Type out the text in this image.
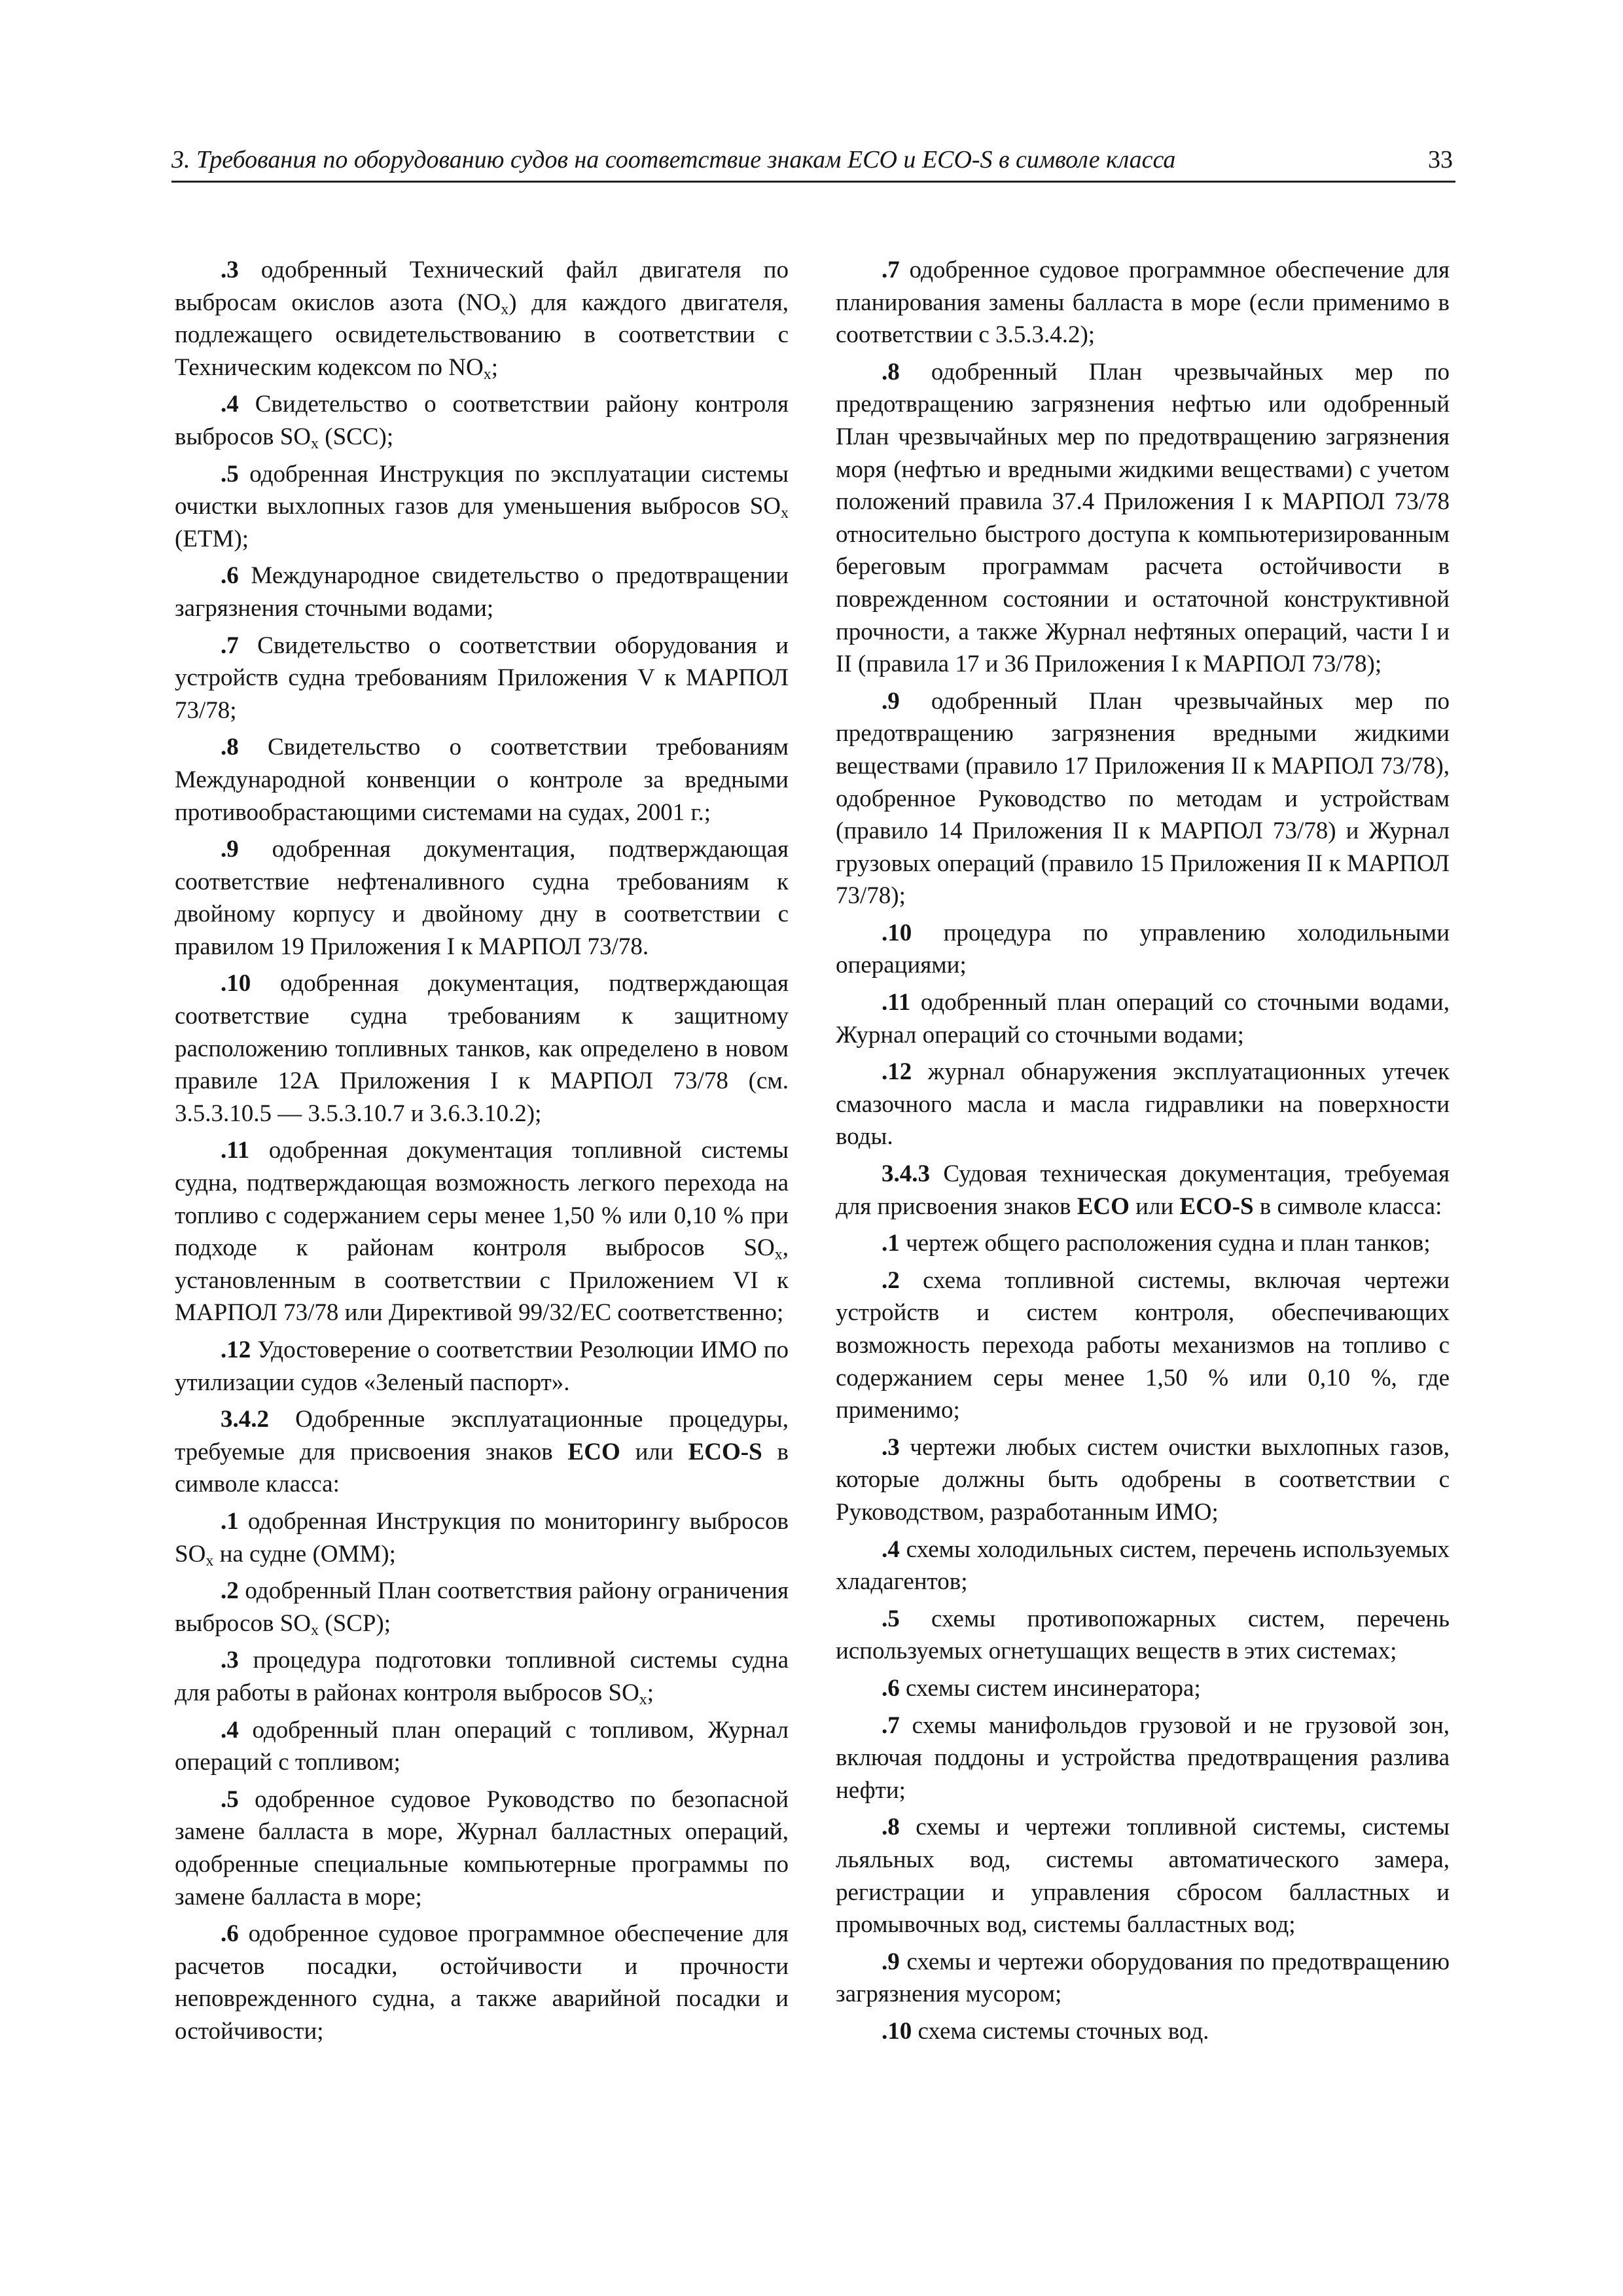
3. Требования по оборудованию судов на соответствие знакам ECO и ECO-S в символе класса	33

.3 одобренный Технический файл двигателя по выбросам окислов азота $(NO_x)$ для каждого двигателя, подлежащего освидетельствованию в соответствии с Техническим кодексом по $NO_x$;

.4 Свидетельство о соответствии району контроля выбросов $SO_x$ (SCC);

.5 одобренная Инструкция по эксплуатации системы очистки выхлопных газов для уменьшения выбросов $SO_x$ (ETM);

.6 Международное свидетельство о предотвращении загрязнения сточными водами;

.7 Свидетельство о соответствии оборудования и устройств судна требованиям Приложения V к МАРПОЛ 73/78;

.8 Свидетельство о соответствии требованиям Международной конвенции о контроле за вредными противообрастающими системами на судах, 2001 г.;

.9 одобренная документация, подтверждающая соответствие нефтеналивного судна требованиям к двойному корпусу и двойному дну в соответствии с правилом 19 Приложения I к МАРПОЛ 73/78.

.10 одобренная документация, подтверждающая соответствие судна требованиям к защитному расположению топливных танков, как определено в новом правиле 12А Приложения I к МАРПОЛ 73/78 (см. 3.5.3.10.5 — 3.5.3.10.7 и 3.6.3.10.2);

.11 одобренная документация топливной системы судна, подтверждающая возможность легкого перехода на топливо с содержанием серы менее 1,50 % или 0,10 % при подходе к районам контроля выбросов $SO_x$, установленным в соответствии с Приложением VI к МАРПОЛ 73/78 или Директивой 99/32/ЕС соответственно;

.12 Удостоверение о соответствии Резолюции ИМО по утилизации судов «Зеленый паспорт».

3.4.2 Одобренные эксплуатационные процедуры, требуемые для присвоения знаков ECO или ECO-S в символе класса:

.1 одобренная Инструкция по мониторингу выбросов $SO_x$ на судне (OMM);

.2 одобренный План соответствия району ограничения выбросов $SO_x$ (SCP);

.3 процедура подготовки топливной системы судна для работы в районах контроля выбросов $SO_x$;

.4 одобренный план операций с топливом, Журнал операций с топливом;

.5 одобренное судовое Руководство по безопасной замене балласта в море, Журнал балластных операций, одобренные специальные компьютерные программы по замене балласта в море;

.6 одобренное судовое программное обеспечение для расчетов посадки, остойчивости и прочности неповрежденного судна, а также аварийной посадки и остойчивости;

.7 одобренное судовое программное обеспечение для планирования замены балласта в море (если применимо в соответствии с 3.5.3.4.2);

.8 одобренный План чрезвычайных мер по предотвращению загрязнения нефтью или одобренный План чрезвычайных мер по предотвращению загрязнения моря (нефтью и вредными жидкими веществами) с учетом положений правила 37.4 Приложения I к МАРПОЛ 73/78 относительно быстрого доступа к компьютеризированным береговым программам расчета остойчивости в поврежденном состоянии и остаточной конструктивной прочности, а также Журнал нефтяных операций, части I и II (правила 17 и 36 Приложения I к МАРПОЛ 73/78);

.9 одобренный План чрезвычайных мер по предотвращению загрязнения вредными жидкими веществами (правило 17 Приложения II к МАРПОЛ 73/78), одобренное Руководство по методам и устройствам (правило 14 Приложения II к МАРПОЛ 73/78) и Журнал грузовых операций (правило 15 Приложения II к МАРПОЛ 73/78);

.10 процедура по управлению холодильными операциями;

.11 одобренный план операций со сточными водами, Журнал операций со сточными водами;

.12 журнал обнаружения эксплуатационных утечек смазочного масла и масла гидравлики на поверхности воды.

3.4.3 Судовая техническая документация, требуемая для присвоения знаков ECO или ECO-S в символе класса:

.1 чертеж общего расположения судна и план танков;

.2 схема топливной системы, включая чертежи устройств и систем контроля, обеспечивающих возможность перехода работы механизмов на топливо с содержанием серы менее 1,50 % или 0,10 %, где применимо;

.3 чертежи любых систем очистки выхлопных газов, которые должны быть одобрены в соответствии с Руководством, разработанным ИМО;

.4 схемы холодильных систем, перечень используемых хладагентов;

.5 схемы противопожарных систем, перечень используемых огнетушащих веществ в этих системах;

.6 схемы систем инсинератора;

.7 схемы манифольдов грузовой и не грузовой зон, включая поддоны и устройства предотвращения разлива нефти;

.8 схемы и чертежи топливной системы, системы льяльных вод, системы автоматического замера, регистрации и управления сбросом балластных и промывочных вод, системы балластных вод;

.9 схемы и чертежи оборудования по предотвращению загрязнения мусором;

.10 схема системы сточных вод.
